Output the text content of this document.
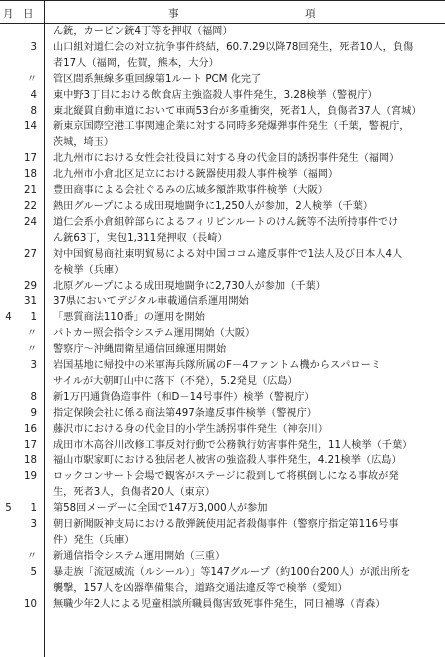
月 日	事	項
ん銃，カービン銃4丁等を押収（福岡）
3	山口組対道仁会の対立抗争事件終結，60.7.29以降78回発生，死者10人，負傷
者17人（福岡，佐賀，熊本，大分）
〃	管区間系無線多重回線第1ルート PCM 化完了
4	東中野3丁目における飲食店主強盗殺人事件発生，3.28検挙（警視庁）
8	東北縦貫自動車道において車両53台が多重衝突，死者1人，負傷者37人（宮城）
14	新東京国際空港工事関連企業に対する同時多発爆弾事件発生（千葉，警視庁，
茨城，埼玉）
17	北九州市における女性会社役員に対する身の代金目的誘拐事件発生（福岡）
18	北九州市小倉北区足立における銃器使用殺人事件検挙（福岡）
21	豊田商事による会社ぐるみの広域多額詐欺事件検挙（大阪）
22	熱田グループによる成田現地闘争に1,250人が参加，2人検挙（千葉）
24	道仁会系小倉組幹部らによるフィリピンルートのけん銃等不法所持事件でけ
ん銃63丁，実包1,311発押収（長崎）
27	対中国貿易商社東明貿易による対中国ココム違反事件で1法人及び日本人4人
を検挙（兵庫）
29	北原グループによる成田現地闘争に2,730人が参加（千葉）
31	37県においてデジタル車載通信系運用開始
4	1	「悪質商法110番」の運用を開始
〃	パトカー照会指令システム運用開始（大阪）
〃	警察庁～沖縄間衛星通信回線運用開始
3	岩国基地に帰投中の米軍海兵隊所属のF－4ファントム機からスパローミ
サイルが大朝町山中に落下（不発），5.2発見（広島）
8	新1万円通貨偽造事件（和D－14号事件）検挙（警視庁）
9	指定保険会社に係る商法第497条違反事件検挙（警視庁）
16	藤沢市における身の代金目的小学生誘拐事件発生（神奈川）
17	成田市木高谷川改修工事反対行動で公務執行妨害事件発生，11人検挙（千葉）
18	福山市駅家町における独居老人被害の強盗殺人事件発生，4.21検挙（広島）
19	ロックコンサート会場で観客がステージに殺到して将棋倒しになる事故が発
生，死者3人，負傷者20人（東京）
5	1	第58回メーデーに全国で147万3,000人が参加
3	朝日新聞阪神支局における散弾銃使用記者殺傷事件（警察庁指定第116号事
件）発生（兵庫）
〃	新通信指令システム運用開始（三重）
5	暴走族「流冦威流（ルシール）」等147グループ（約100台200人）が派出所を
襲撃，157人を凶器準備集合，道路交通法違反等で検挙（愛知）
10	無職少年2人による児童相談所職員傷害致死事件発生，同日補導（青森）
